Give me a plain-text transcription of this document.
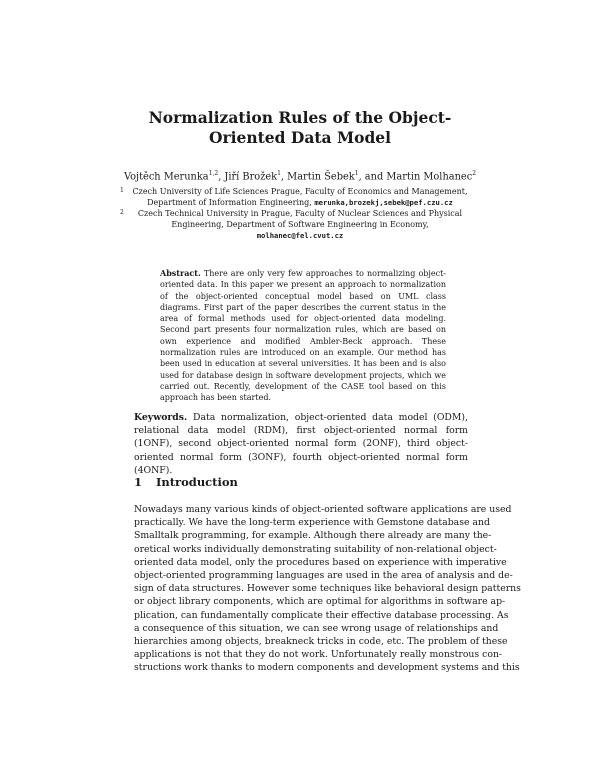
Normalization Rules of the Object-Oriented Data Model
Vojtěch Merunka$^{1,2}$, Jiří Brožek$^1$, Martin Šebek$^1$, and Martin Molhanec$^2$
1	Czech University of Life Sciences Prague, Faculty of Economics and Management,
Department of Information Engineering, merunka,brozekj,sebek@pef.czu.cz
2	Czech Technical University in Prague, Faculty of Nuclear Sciences and Physical
Engineering, Department of Software Engineering in Economy,
molhanec@fel.cvut.cz
Abstract. There are only very few approaches to normalizing object-oriented data. In this paper we present an approach to normalization of the object-oriented conceptual model based on UML class diagrams. First part of the paper describes the current status in the area of formal methods used for object-oriented data modeling. Second part presents four normalization rules, which are based on own experience and modified Ambler-Beck approach. These normalization rules are introduced on an example. Our method has been used in education at several universities. It has been and is also used for database design in software development projects, which we carried out. Recently, development of the CASE tool based on this approach has been started.
Keywords. Data normalization, object-oriented data model (ODM), relational data model (RDM), first object-oriented normal form (1ONF), second object-oriented normal form (2ONF), third object-oriented normal form (3ONF), fourth object-oriented normal form (4ONF).
1 Introduction
Nowadays many various kinds of object-oriented software applications are used
practically. We have the long-term experience with Gemstone database and
Smalltalk programming, for example. Although there already are many the-
oretical works individually demonstrating suitability of non-relational object-
oriented data model, only the procedures based on experience with imperative
object-oriented programming languages are used in the area of analysis and de-
sign of data structures. However some techniques like behavioral design patterns
or object library components, which are optimal for algorithms in software ap-
plication, can fundamentally complicate their effective database processing. As
a consequence of this situation, we can see wrong usage of relationships and
hierarchies among objects, breakneck tricks in code, etc. The problem of these
applications is not that they do not work. Unfortunately really monstrous con-
structions work thanks to modern components and development systems and this
